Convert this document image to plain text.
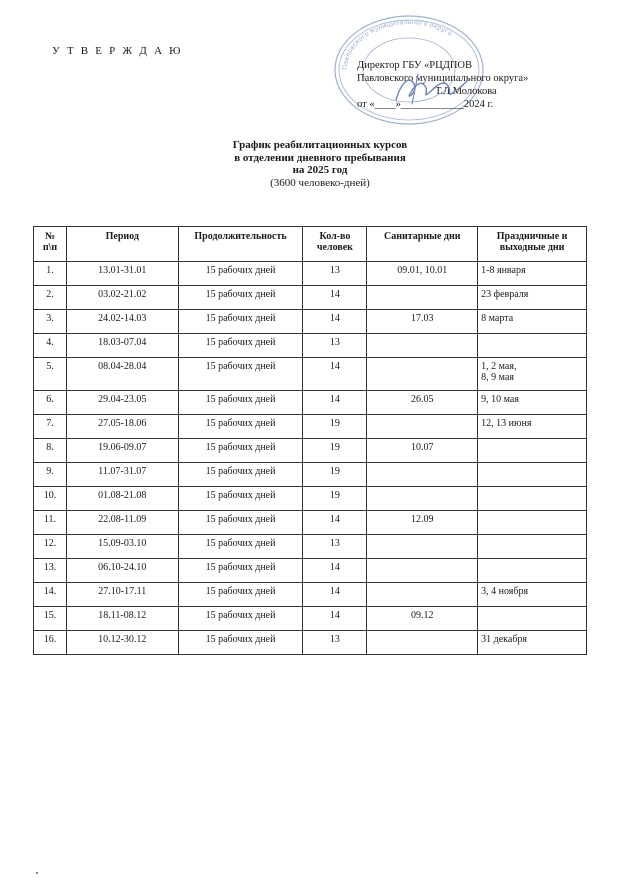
У Т В Е Р Ж Д А Ю
Павловского муниципального округа
Директор ГБУ «РЦДПОВ
Павловского муниципального округа»
Т.Л.Молокова
от «____»____________2024 г.
График реабилитационных курсов
в отделении дневного пребывания
на 2025 год
(3600 человеко-дней)
№ п\п	Период	Продолжительность	Кол-во человек	Санитарные дни	Праздничные и выходные дни
1.	13.01-31.01	15 рабочих дней	13	09.01, 10.01	1-8 января
2.	03.02-21.02	15 рабочих дней	14		23 февраля
3.	24.02-14.03	15 рабочих дней	14	17.03	8 марта
4.	18.03-07.04	15 рабочих дней	13		
5.	08.04-28.04	15 рабочих дней	14		1, 2 мая,
8, 9 мая
6.	29.04-23.05	15 рабочих дней	14	26.05	9, 10 мая
7.	27.05-18.06	15 рабочих дней	19		12, 13 июня
8.	19.06-09.07	15 рабочих дней	19	10.07	
9.	11.07-31.07	15 рабочих дней	19		
10.	01.08-21.08	15 рабочих дней	19		
11.	22.08-11.09	15 рабочих дней	14	12.09	
12.	15.09-03.10	15 рабочих дней	13		
13.	06.10-24.10	15 рабочих дней	14		
14.	27.10-17.11	15 рабочих дней	14		3, 4 ноября
15.	18.11-08.12	15 рабочих дней	14	09.12	
16.	10.12-30.12	15 рабочих дней	13		31 декабря
